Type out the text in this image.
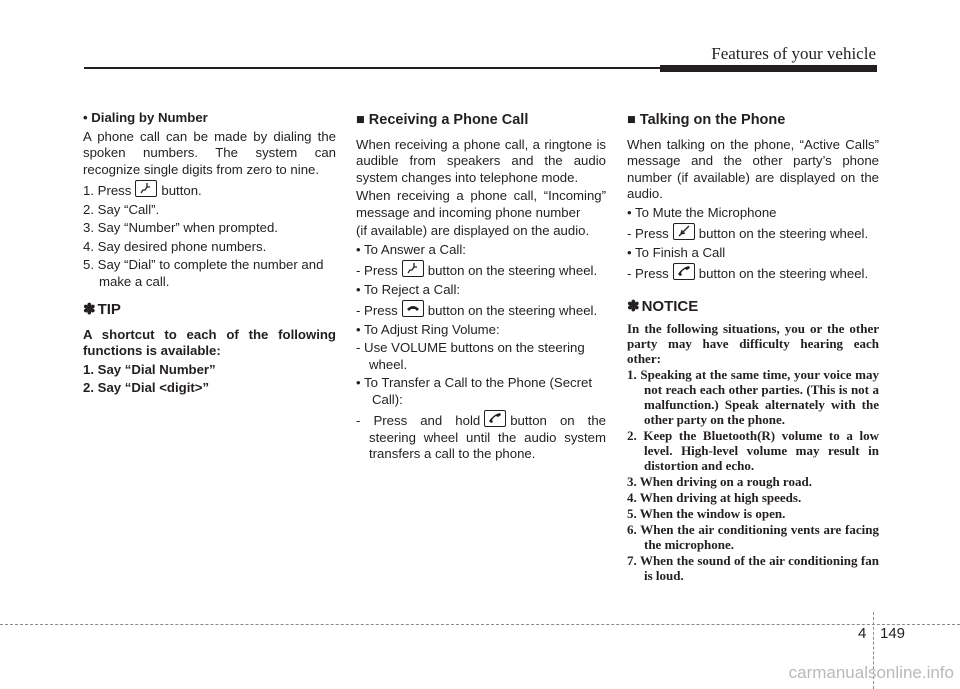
Features of your vehicle

• Dialing by Number

A phone call can be made by dialing the spoken numbers. The system can recognize single digits from zero to nine.

1. Press button.

2. Say “Call”.

3. Say “Number” when prompted.

4. Say desired phone numbers.

5. Say “Dial” to complete the number and make a call.

✽ TIP

A shortcut to each of the following functions is available:

1. Say “Dial Number”

2. Say “Dial <digit>”

■ Receiving a Phone Call

When receiving a phone call, a ringtone is audible from speakers and the audio system changes into telephone mode.

When receiving a phone call, “Incoming” message and incoming phone number

(if available) are displayed on the audio.

• To Answer a Call:

- Press button on the steering wheel.

• To Reject a Call:

- Press button on the steering wheel.

• To Adjust Ring Volume:

- Use VOLUME buttons on the steering wheel.

• To Transfer a Call to the Phone (Secret Call):

- Press and hold button on the steering wheel until the audio system transfers a call to the phone.

■ Talking on the Phone

When talking on the phone, “Active Calls” message and the other party’s phone number (if available) are displayed on the audio.

• To Mute the Microphone

- Press button on the steering wheel.

• To Finish a Call

- Press button on the steering wheel.

✽ NOTICE

In the following situations, you or the other party may have difficulty hearing each other:

1. Speaking at the same time, your voice may not reach each other parties. (This is not a malfunction.) Speak alternately with the other party on the phone.

2. Keep the Bluetooth(R) volume to a low level. High-level volume may result in distortion and echo.

3. When driving on a rough road.

4. When driving at high speeds.

5. When the window is open.

6. When the air conditioning vents are facing the microphone.

7. When the sound of the air conditioning fan is loud.

4 149
carmanualsonline.info
